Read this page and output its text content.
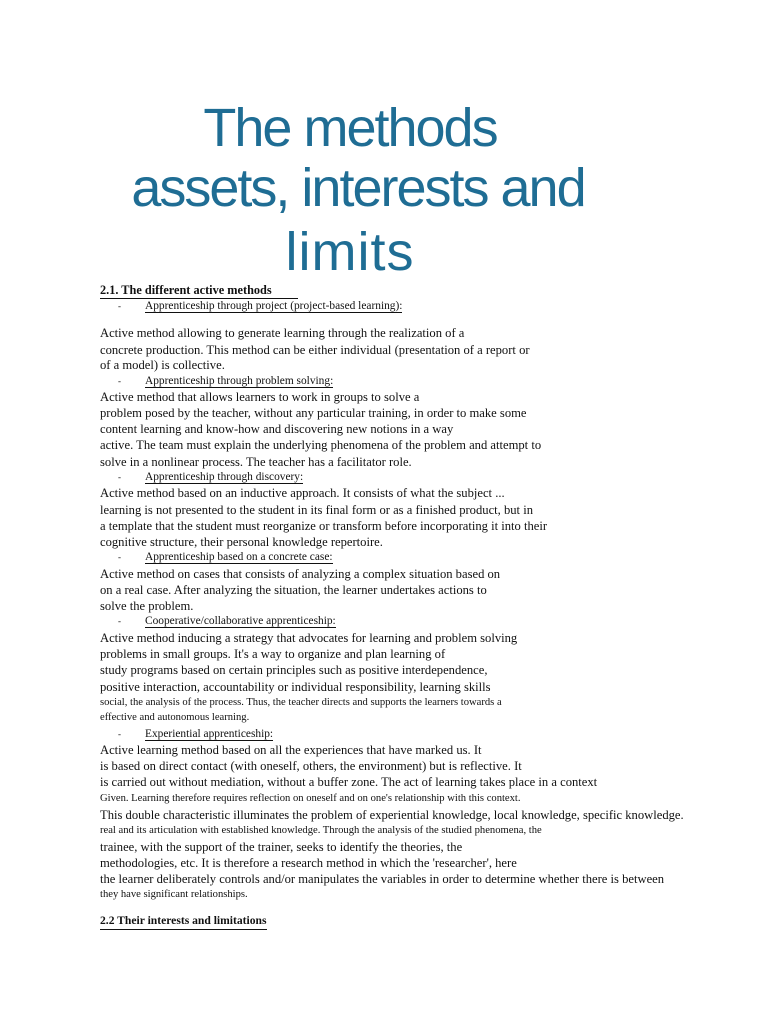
The methods
assets, interests and
limits
2.1. The different active methods
- Apprenticeship through project (project-based learning):
Active method allowing to generate learning through the realization of a
concrete production. This method can be either individual (presentation of a report or
of a model) is collective.
- Apprenticeship through problem solving:
Active method that allows learners to work in groups to solve a
problem posed by the teacher, without any particular training, in order to make some
content learning and know-how and discovering new notions in a way
active. The team must explain the underlying phenomena of the problem and attempt to
solve in a nonlinear process. The teacher has a facilitator role.
- Apprenticeship through discovery:
Active method based on an inductive approach. It consists of what the subject ...
learning is not presented to the student in its final form or as a finished product, but in
a template that the student must reorganize or transform before incorporating it into their
cognitive structure, their personal knowledge repertoire.
- Apprenticeship based on a concrete case:
Active method on cases that consists of analyzing a complex situation based on
on a real case. After analyzing the situation, the learner undertakes actions to
solve the problem.
- Cooperative/collaborative apprenticeship:
Active method inducing a strategy that advocates for learning and problem solving
problems in small groups. It's a way to organize and plan learning of
study programs based on certain principles such as positive interdependence,
positive interaction, accountability or individual responsibility, learning skills
social, the analysis of the process. Thus, the teacher directs and supports the learners towards a
effective and autonomous learning.
- Experiential apprenticeship:
Active learning method based on all the experiences that have marked us. It
is based on direct contact (with oneself, others, the environment) but is reflective. It
is carried out without mediation, without a buffer zone. The act of learning takes place in a context
Given. Learning therefore requires reflection on oneself and on one's relationship with this context.
This double characteristic illuminates the problem of experiential knowledge, local knowledge, specific knowledge.
real and its articulation with established knowledge. Through the analysis of the studied phenomena, the
trainee, with the support of the trainer, seeks to identify the theories, the
methodologies, etc. It is therefore a research method in which the 'researcher', here
the learner deliberately controls and/or manipulates the variables in order to determine whether there is between
they have significant relationships.
2.2 Their interests and limitations
